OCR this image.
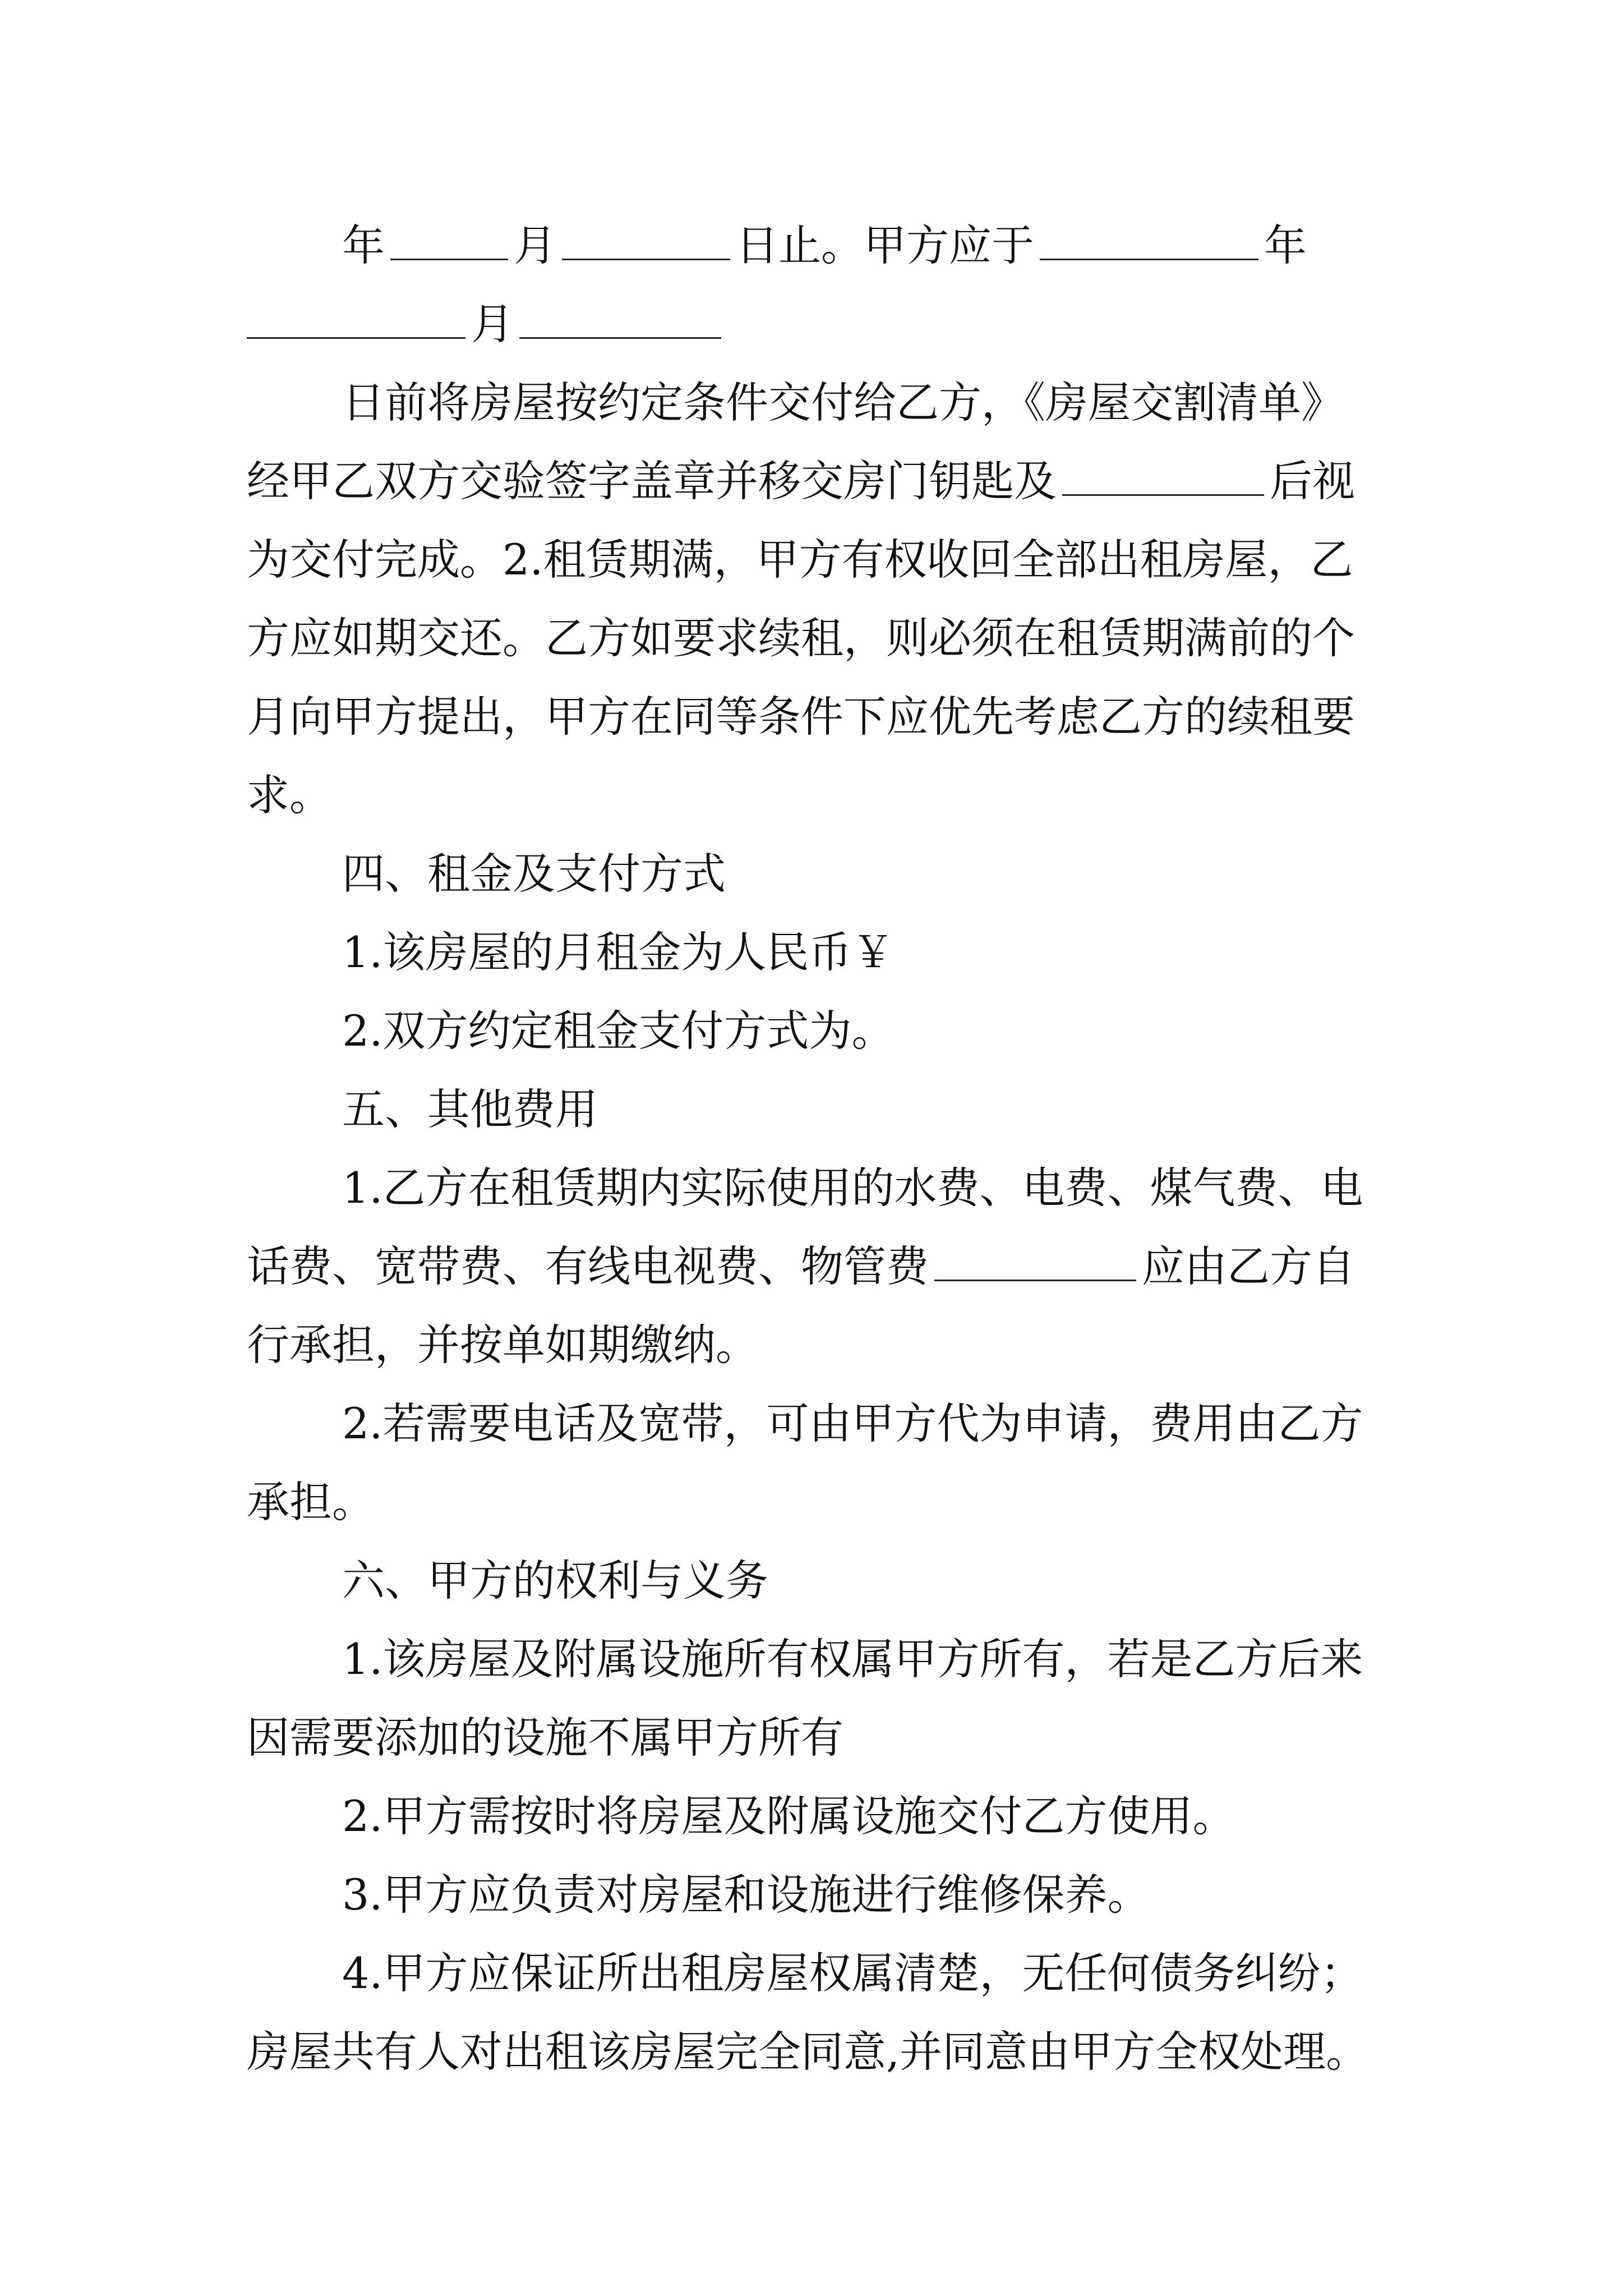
年	月	日止。甲方应于	年
月
日前将房屋按约定条件交付给乙方，《房屋交割清单》
经甲乙双方交验签字盖章并移交房门钥匙及	后视
为交付完成。2.租赁期满，甲方有权收回全部出租房屋，乙
方应如期交还。乙方如要求续租，则必须在租赁期满前的个
月向甲方提出，甲方在同等条件下应优先考虑乙方的续租要
求。
四、租金及支付方式
1.该房屋的月租金为人民币￥
2.双方约定租金支付方式为。
五、其他费用
1.乙方在租赁期内实际使用的水费、电费、煤气费、电
话费、宽带费、有线电视费、物管费	应由乙方自
行承担，并按单如期缴纳。
2.若需要电话及宽带，可由甲方代为申请，费用由乙方
承担。
六、甲方的权利与义务
1.该房屋及附属设施所有权属甲方所有，若是乙方后来
因需要添加的设施不属甲方所有
2.甲方需按时将房屋及附属设施交付乙方使用。
3.甲方应负责对房屋和设施进行维修保养。
4.甲方应保证所出租房屋权属清楚，无任何债务纠纷；
房屋共有人对出租该房屋完全同意,并同意由甲方全权处理。
